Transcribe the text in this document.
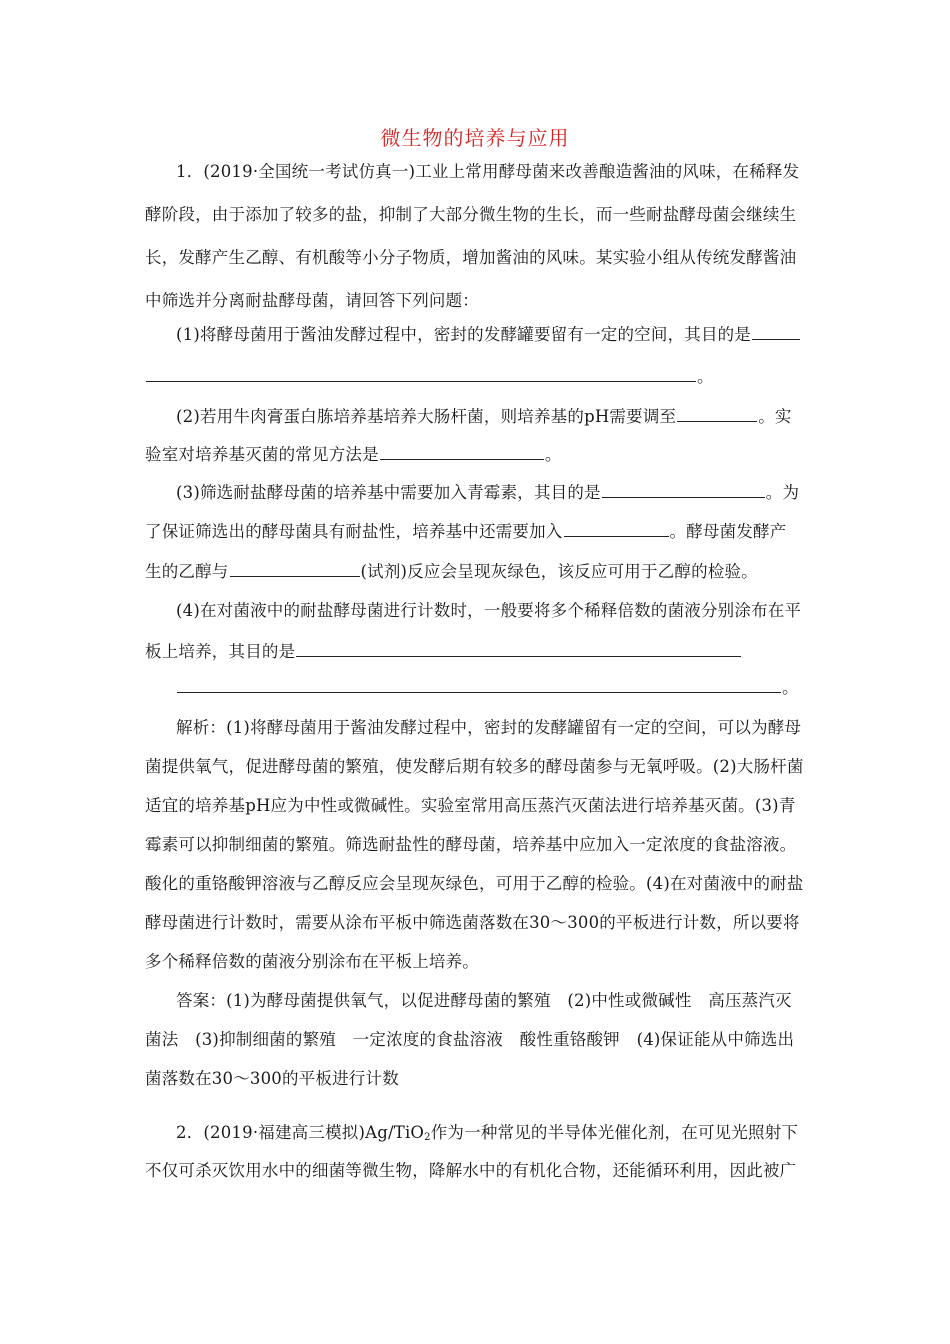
微生物的培养与应用
1．(2019·全国统一考试仿真一)工业上常用酵母菌来改善酿造酱油的风味，在稀释发
酵阶段，由于添加了较多的盐，抑制了大部分微生物的生长，而一些耐盐酵母菌会继续生
长，发酵产生乙醇、有机酸等小分子物质，增加酱油的风味。某实验小组从传统发酵酱油
中筛选并分离耐盐酵母菌，请回答下列问题：
(1)将酵母菌用于酱油发酵过程中，密封的发酵罐要留有一定的空间，其目的是
。
(2)若用牛肉膏蛋白胨培养基培养大肠杆菌，则培养基的pH需要调至	。实
验室对培养基灭菌的常见方法是	。
(3)筛选耐盐酵母菌的培养基中需要加入青霉素，其目的是	。为
了保证筛选出的酵母菌具有耐盐性，培养基中还需要加入	。酵母菌发酵产
生的乙醇与	(试剂)反应会呈现灰绿色，该反应可用于乙醇的检验。
(4)在对菌液中的耐盐酵母菌进行计数时，一般要将多个稀释倍数的菌液分别涂布在平
板上培养，其目的是
。
解析：(1)将酵母菌用于酱油发酵过程中，密封的发酵罐留有一定的空间，可以为酵母
菌提供氧气，促进酵母菌的繁殖，使发酵后期有较多的酵母菌参与无氧呼吸。(2)大肠杆菌
适宜的培养基pH应为中性或微碱性。实验室常用高压蒸汽灭菌法进行培养基灭菌。(3)青
霉素可以抑制细菌的繁殖。筛选耐盐性的酵母菌，培养基中应加入一定浓度的食盐溶液。
酸化的重铬酸钾溶液与乙醇反应会呈现灰绿色，可用于乙醇的检验。(4)在对菌液中的耐盐
酵母菌进行计数时，需要从涂布平板中筛选菌落数在30～300的平板进行计数，所以要将
多个稀释倍数的菌液分别涂布在平板上培养。
答案：(1)为酵母菌提供氧气，以促进酵母菌的繁殖　(2)中性或微碱性　高压蒸汽灭
菌法　(3)抑制细菌的繁殖　一定浓度的食盐溶液　酸性重铬酸钾　(4)保证能从中筛选出
菌落数在30～300的平板进行计数
2．(2019·福建高三模拟)Ag/TiO$_2$作为一种常见的半导体光催化剂，在可见光照射下
不仅可杀灭饮用水中的细菌等微生物，降解水中的有机化合物，还能循环利用，因此被广
